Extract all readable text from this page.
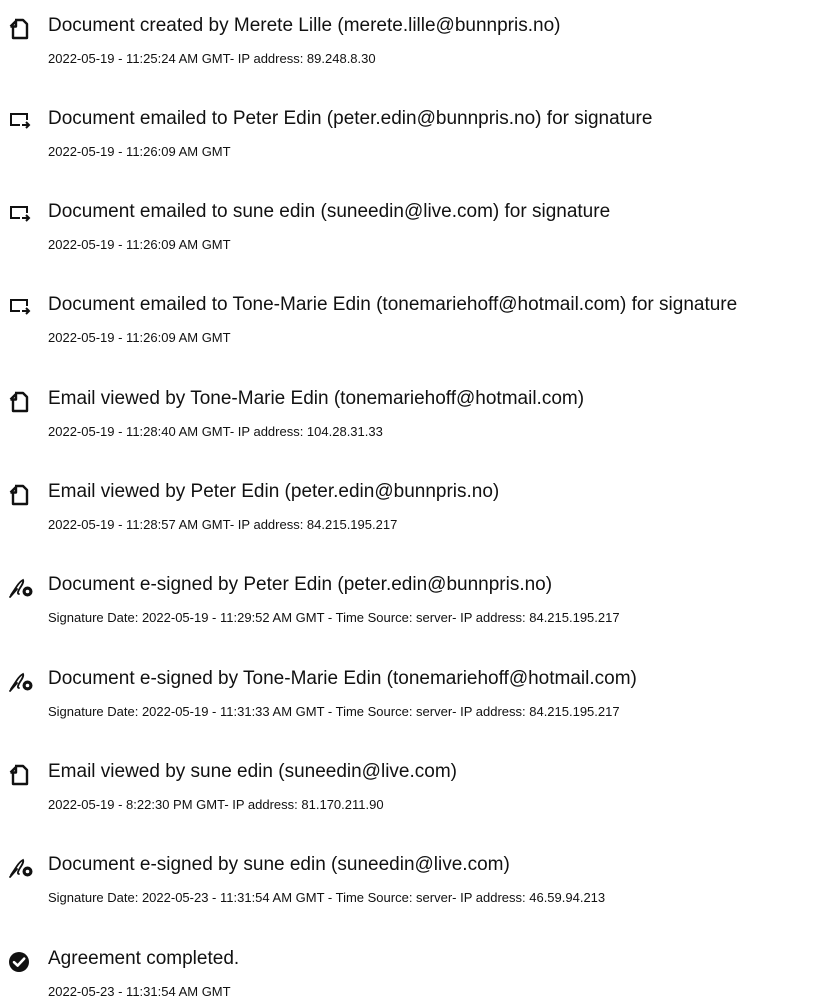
Document created by Merete Lille (merete.lille@bunnpris.no)
2022-05-19 - 11:25:24 AM GMT- IP address: 89.248.8.30
Document emailed to Peter Edin (peter.edin@bunnpris.no) for signature
2022-05-19 - 11:26:09 AM GMT
Document emailed to sune edin (suneedin@live.com) for signature
2022-05-19 - 11:26:09 AM GMT
Document emailed to Tone-Marie Edin (tonemariehoff@hotmail.com) for signature
2022-05-19 - 11:26:09 AM GMT
Email viewed by Tone-Marie Edin (tonemariehoff@hotmail.com)
2022-05-19 - 11:28:40 AM GMT- IP address: 104.28.31.33
Email viewed by Peter Edin (peter.edin@bunnpris.no)
2022-05-19 - 11:28:57 AM GMT- IP address: 84.215.195.217
Document e-signed by Peter Edin (peter.edin@bunnpris.no)
Signature Date: 2022-05-19 - 11:29:52 AM GMT - Time Source: server- IP address: 84.215.195.217
Document e-signed by Tone-Marie Edin (tonemariehoff@hotmail.com)
Signature Date: 2022-05-19 - 11:31:33 AM GMT - Time Source: server- IP address: 84.215.195.217
Email viewed by sune edin (suneedin@live.com)
2022-05-19 - 8:22:30 PM GMT- IP address: 81.170.211.90
Document e-signed by sune edin (suneedin@live.com)
Signature Date: 2022-05-23 - 11:31:54 AM GMT - Time Source: server- IP address: 46.59.94.213
Agreement completed.
2022-05-23 - 11:31:54 AM GMT
